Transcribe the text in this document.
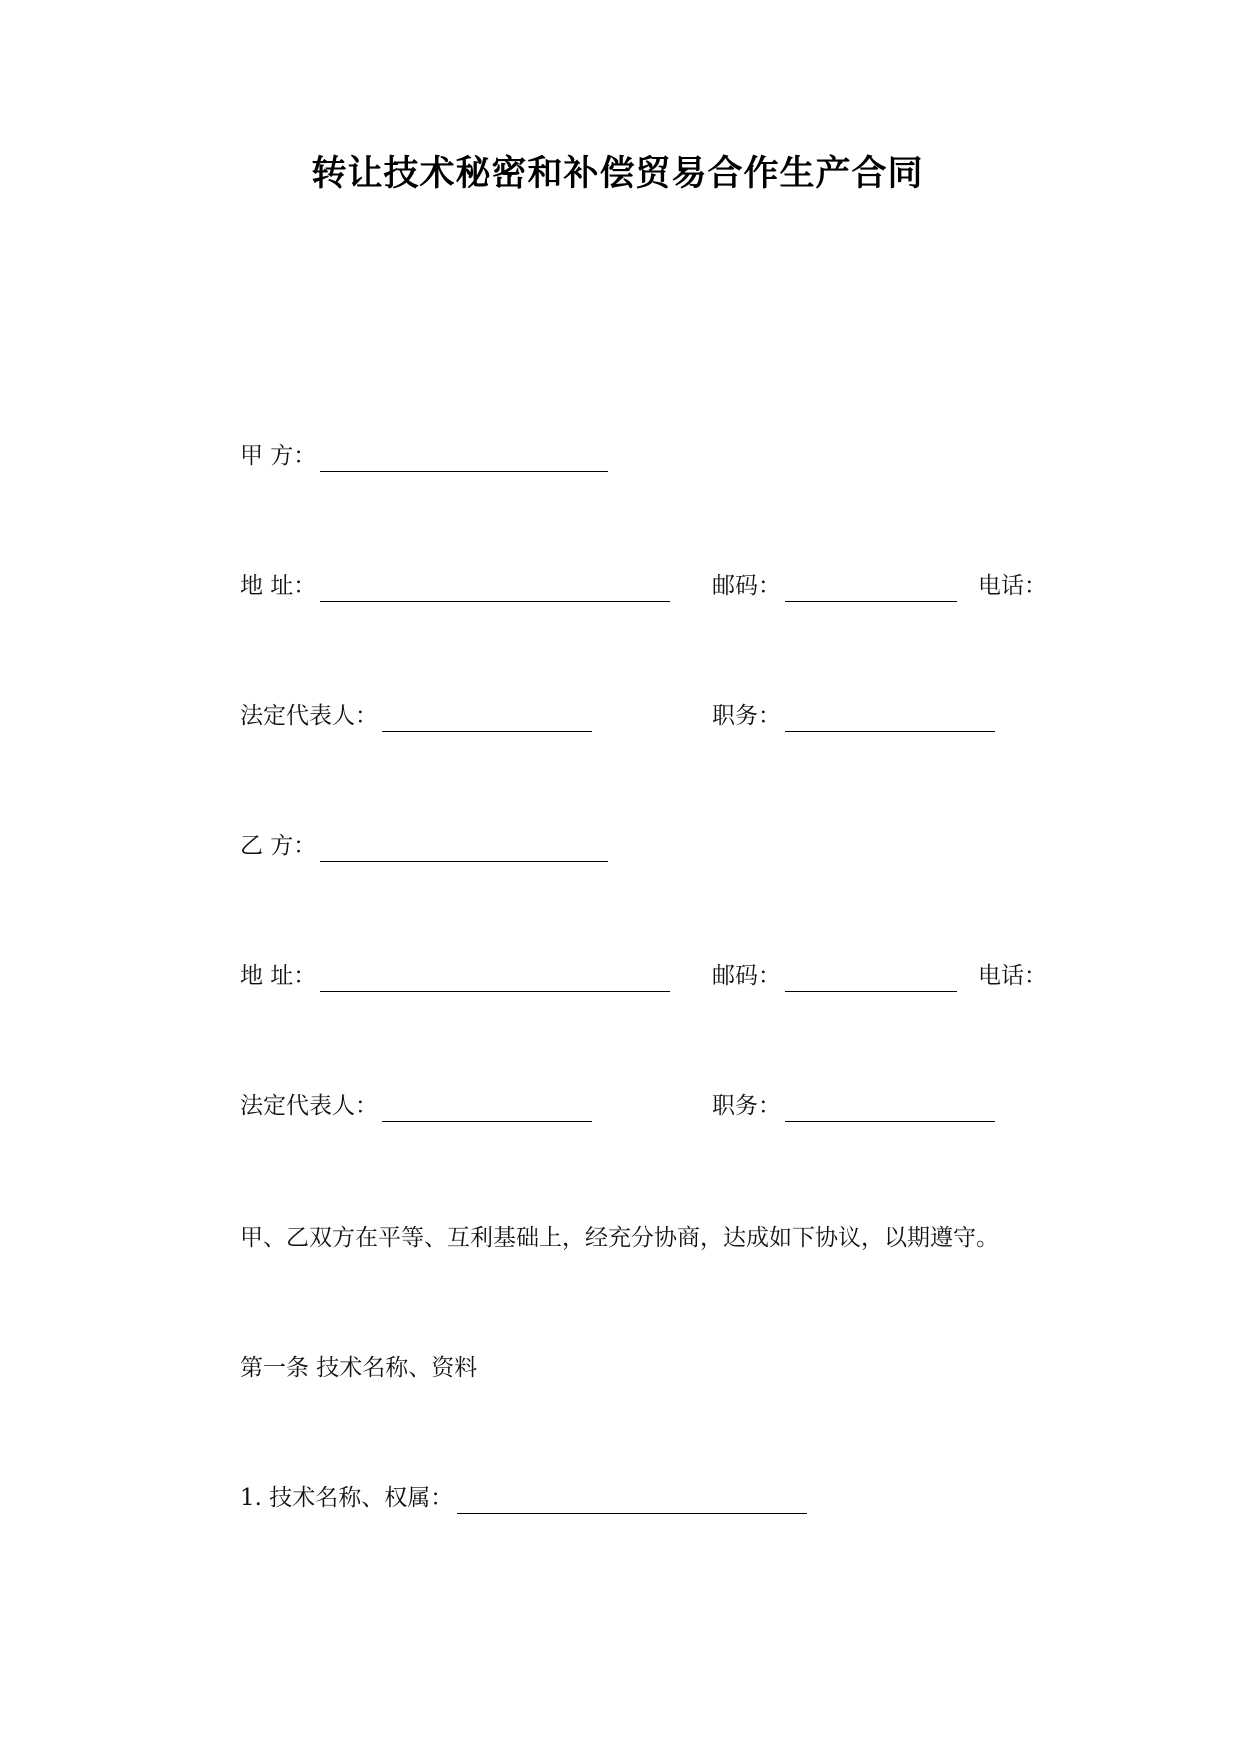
转让技术秘密和补偿贸易合作生产合同
甲 方：
地 址：	邮码：	电话：
法定代表人：	职务：
乙 方：
地 址：	邮码：	电话：
法定代表人：	职务：
甲、乙双方在平等、互利基础上，经充分协商，达成如下协议，以期遵守。
第一条 技术名称、资料
1. 技术名称、权属：
